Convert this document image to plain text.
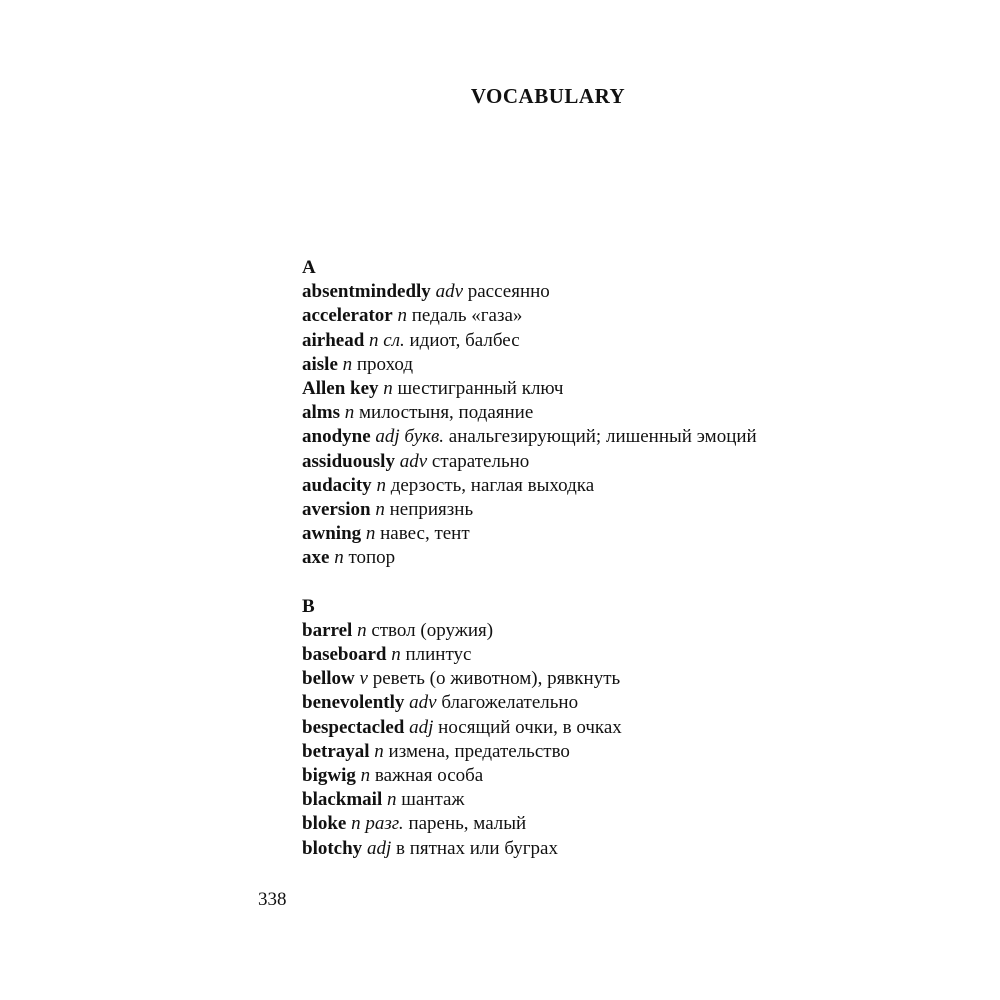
VOCABULARY
A
absentmindedly adv рассеянно
accelerator n педаль «газа»
airhead n сл. идиот, балбес
aisle n проход
Allen key n шестигранный ключ
alms n милостыня, подаяние
anodyne adj букв. анальгезирующий; лишенный эмоций
assiduously adv старательно
audacity n дерзость, наглая выходка
aversion n неприязнь
awning n навес, тент
axe n топор
B
barrel n ствол (оружия)
baseboard n плинтус
bellow v реветь (о животном), рявкнуть
benevolently adv благожелательно
bespectacled adj носящий очки, в очках
betrayal n измена, предательство
bigwig n важная особа
blackmail n шантаж
bloke n разг. парень, малый
blotchy adj в пятнах или буграх
338
